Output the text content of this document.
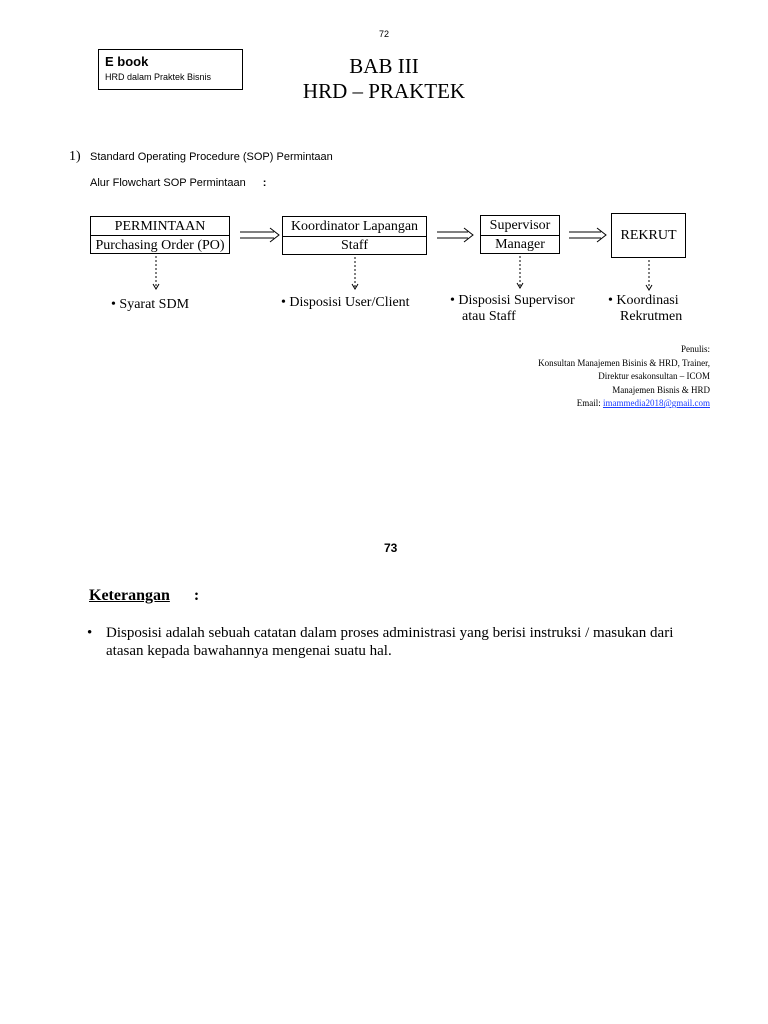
72
E book
HRD dalam Praktek Bisnis	BAB III
HRD – PRAKTEK
1) Standard Operating Procedure (SOP) Permintaan
Alur Flowchart SOP Permintaan :
PERMINTAAN
Purchasing Order (PO)
Koordinator Lapangan
Staff
Supervisor
Manager
REKRUT
• Syarat SDM	• Disposisi User/Client	• Disposisi Supervisor
atau Staff
• Koordinasi
Rekrutmen
Penulis:
Konsultan Manajemen Bisinis & HRD, Trainer,
Direktur esakonsultan – ICOM
Manajemen Bisnis & HRD
Email: imammedia2018@gmail.com
73
Keterangan :
• Disposisi adalah sebuah catatan dalam proses administrasi yang berisi instruksi / masukan dari
atasan kepada bawahannya mengenai suatu hal.
